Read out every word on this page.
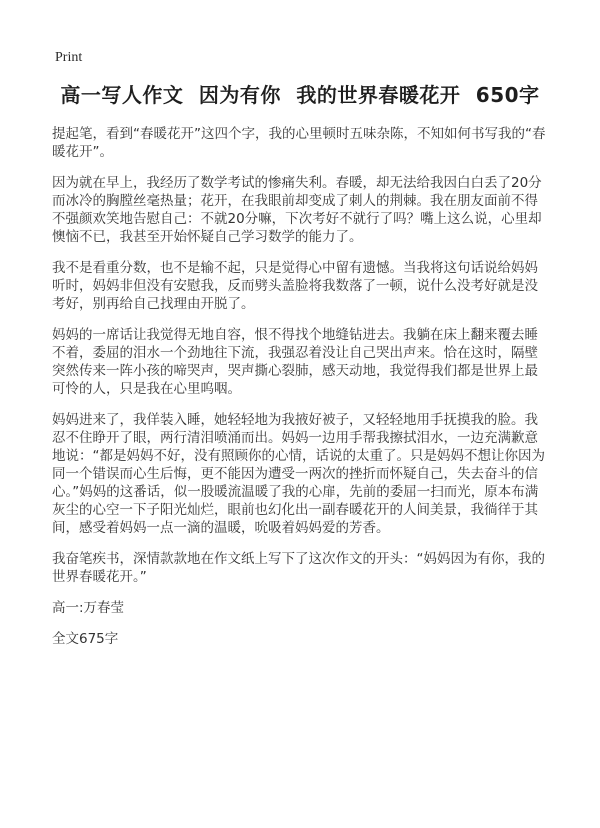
Print
高一写人作文 因为有你 我的世界春暖花开 650字

提起笔，看到“春暖花开”这四个字，我的心里顿时五味杂陈，不知如何书写我的“春暖花开”。

因为就在早上，我经历了数学考试的惨痛失利。春暖，却无法给我因白白丢了20分而冰冷的胸膛丝毫热量；花开，在我眼前却变成了刺人的荆棘。我在朋友面前不得不强颜欢笑地告慰自己：不就20分嘛，下次考好不就行了吗？嘴上这么说，心里却懊恼不已，我甚至开始怀疑自己学习数学的能力了。

我不是看重分数，也不是输不起，只是觉得心中留有遗憾。当我将这句话说给妈妈听时，妈妈非但没有安慰我，反而劈头盖脸将我数落了一顿，说什么没考好就是没考好，别再给自己找理由开脱了。

妈妈的一席话让我觉得无地自容，恨不得找个地缝钻进去。我躺在床上翻来覆去睡不着，委屈的泪水一个劲地往下流，我强忍着没让自己哭出声来。恰在这时，隔壁突然传来一阵小孩的啼哭声，哭声撕心裂肺，感天动地，我觉得我们都是世界上最可怜的人，只是我在心里呜咽。

妈妈进来了，我佯装入睡，她轻轻地为我掖好被子，又轻轻地用手抚摸我的脸。我忍不住睁开了眼，两行清泪喷涌而出。妈妈一边用手帮我擦拭泪水，一边充满歉意地说：“都是妈妈不好，没有照顾你的心情，话说的太重了。只是妈妈不想让你因为同一个错误而心生后悔，更不能因为遭受一两次的挫折而怀疑自己，失去奋斗的信心。”妈妈的这番话，似一股暖流温暖了我的心扉，先前的委屈一扫而光，原本布满灰尘的心空一下子阳光灿烂，眼前也幻化出一副春暖花开的人间美景，我徜徉于其间，感受着妈妈一点一滴的温暖，吮吸着妈妈爱的芳香。

我奋笔疾书，深情款款地在作文纸上写下了这次作文的开头：“妈妈因为有你，我的世界春暖花开。”

高一:万春莹

全文675字
